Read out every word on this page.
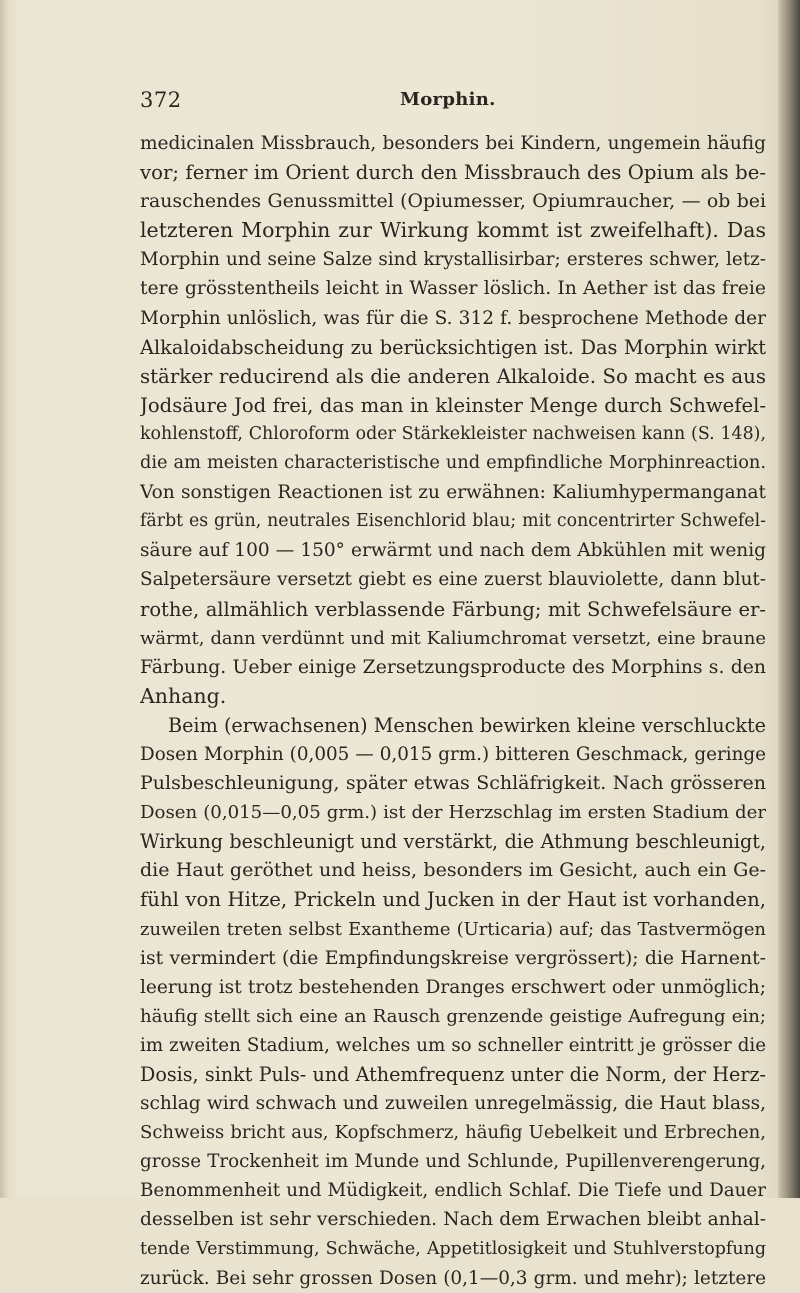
372	Morphin.
medicinalen Missbrauch, besonders bei Kindern, ungemein häufig
vor; ferner im Orient durch den Missbrauch des Opium als be-
rauschendes Genussmittel (Opiumesser, Opiumraucher, — ob bei
letzteren Morphin zur Wirkung kommt ist zweifelhaft). Das
Morphin und seine Salze sind krystallisirbar; ersteres schwer, letz-
tere grösstentheils leicht in Wasser löslich. In Aether ist das freie
Morphin unlöslich, was für die S. 312 f. besprochene Methode der
Alkaloidabscheidung zu berücksichtigen ist. Das Morphin wirkt
stärker reducirend als die anderen Alkaloide. So macht es aus
Jodsäure Jod frei, das man in kleinster Menge durch Schwefel-
kohlenstoff, Chloroform oder Stärkekleister nachweisen kann (S. 148),
die am meisten characteristische und empfindliche Morphinreaction.
Von sonstigen Reactionen ist zu erwähnen: Kaliumhypermanganat
färbt es grün, neutrales Eisenchlorid blau; mit concentrirter Schwefel-
säure auf 100 — 150° erwärmt und nach dem Abkühlen mit wenig
Salpetersäure versetzt giebt es eine zuerst blauviolette, dann blut-
rothe, allmählich verblassende Färbung; mit Schwefelsäure er-
wärmt, dann verdünnt und mit Kaliumchromat versetzt, eine braune
Färbung. Ueber einige Zersetzungsproducte des Morphins s. den
Anhang.
Beim (erwachsenen) Menschen bewirken kleine verschluckte
Dosen Morphin (0,005 — 0,015 grm.) bitteren Geschmack, geringe
Pulsbeschleunigung, später etwas Schläfrigkeit. Nach grösseren
Dosen (0,015—0,05 grm.) ist der Herzschlag im ersten Stadium der
Wirkung beschleunigt und verstärkt, die Athmung beschleunigt,
die Haut geröthet und heiss, besonders im Gesicht, auch ein Ge-
fühl von Hitze, Prickeln und Jucken in der Haut ist vorhanden,
zuweilen treten selbst Exantheme (Urticaria) auf; das Tastvermögen
ist vermindert (die Empfindungskreise vergrössert); die Harnent-
leerung ist trotz bestehenden Dranges erschwert oder unmöglich;
häufig stellt sich eine an Rausch grenzende geistige Aufregung ein;
im zweiten Stadium, welches um so schneller eintritt je grösser die
Dosis, sinkt Puls- und Athemfrequenz unter die Norm, der Herz-
schlag wird schwach und zuweilen unregelmässig, die Haut blass,
Schweiss bricht aus, Kopfschmerz, häufig Uebelkeit und Erbrechen,
grosse Trockenheit im Munde und Schlunde, Pupillenverengerung,
Benommenheit und Müdigkeit, endlich Schlaf. Die Tiefe und Dauer
desselben ist sehr verschieden. Nach dem Erwachen bleibt anhal-
tende Verstimmung, Schwäche, Appetitlosigkeit und Stuhlverstopfung
zurück. Bei sehr grossen Dosen (0,1—0,3 grm. und mehr); letztere
